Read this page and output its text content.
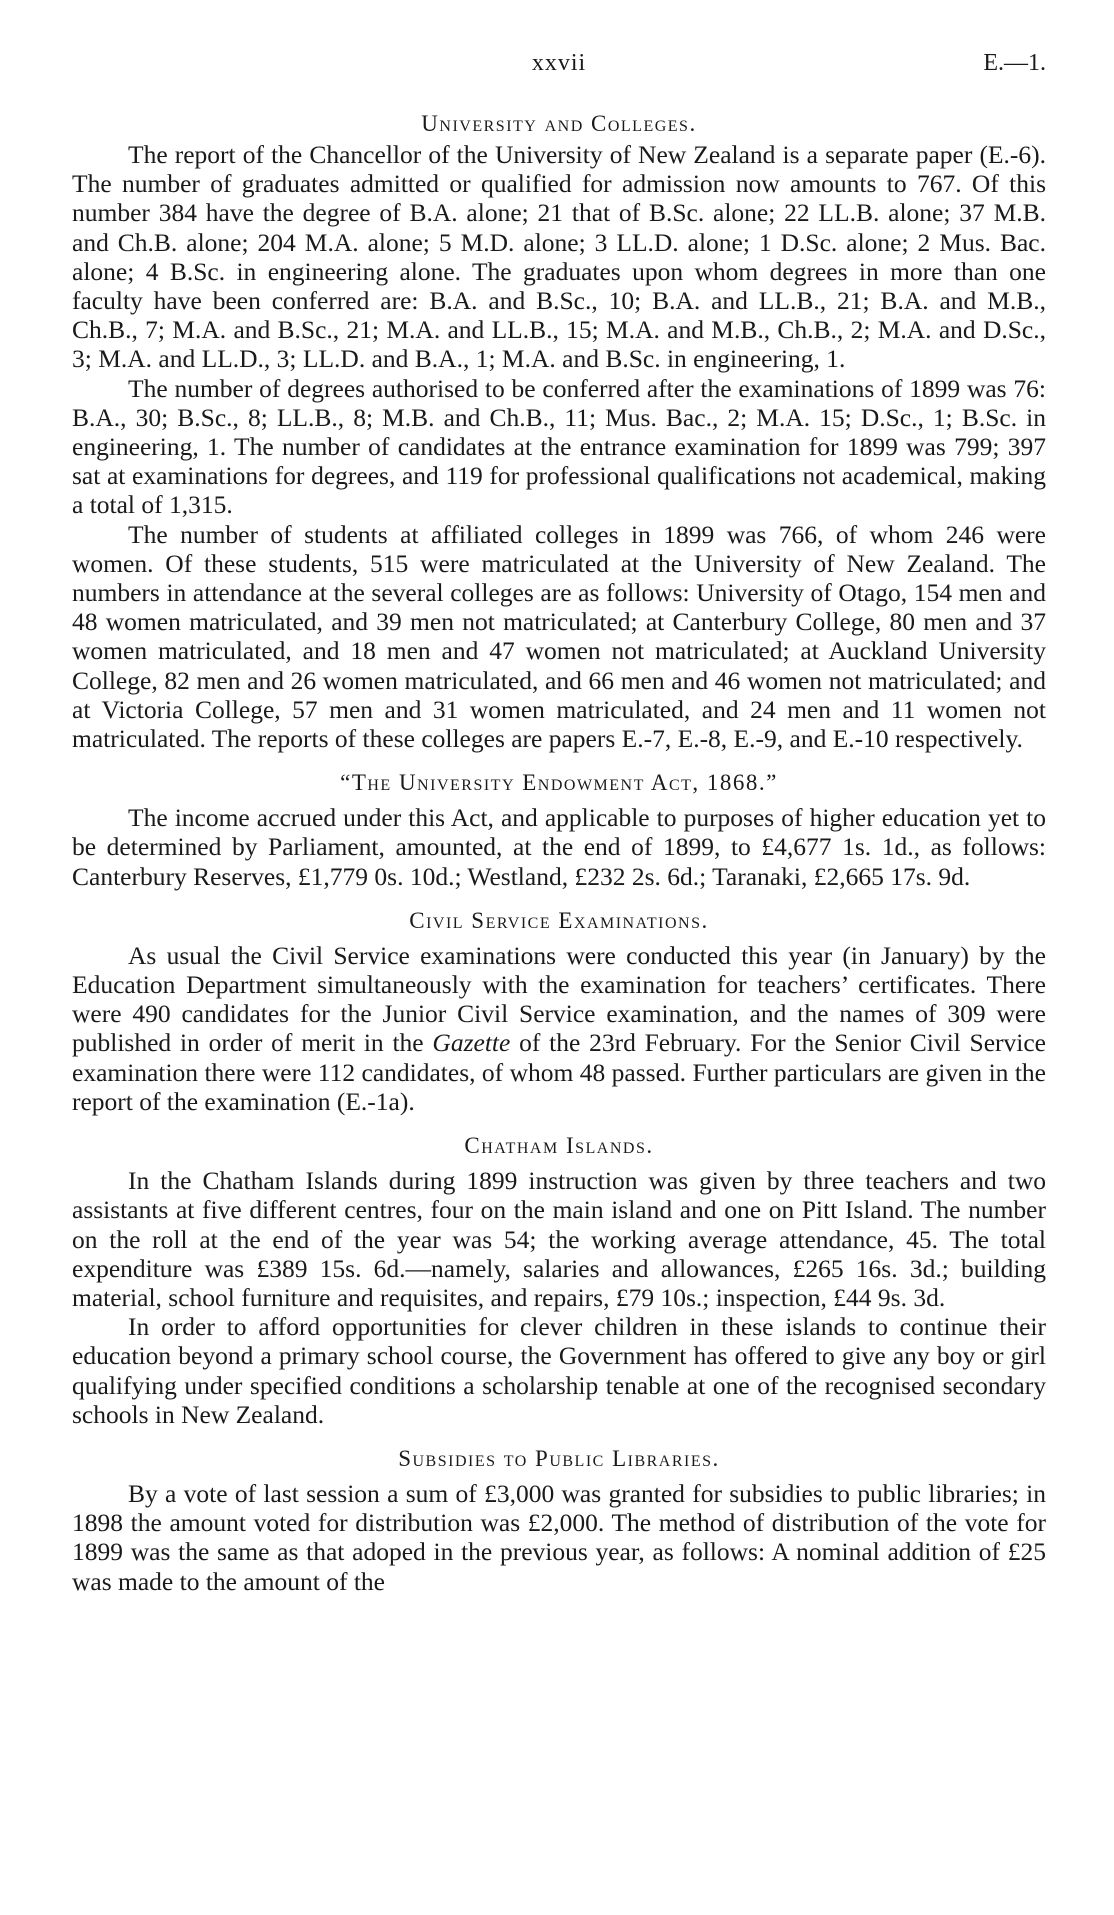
xxvii	E.—1.
University and Colleges.

The report of the Chancellor of the University of New Zealand is a separate paper (E.-6). The number of graduates admitted or qualified for admission now amounts to 767. Of this number 384 have the degree of B.A. alone; 21 that of B.Sc. alone; 22 LL.B. alone; 37 M.B. and Ch.B. alone; 204 M.A. alone; 5 M.D. alone; 3 LL.D. alone; 1 D.Sc. alone; 2 Mus. Bac. alone; 4 B.Sc. in engineering alone. The graduates upon whom degrees in more than one faculty have been conferred are: B.A. and B.Sc., 10; B.A. and LL.B., 21; B.A. and M.B., Ch.B., 7; M.A. and B.Sc., 21; M.A. and LL.B., 15; M.A. and M.B., Ch.B., 2; M.A. and D.Sc., 3; M.A. and LL.D., 3; LL.D. and B.A., 1; M.A. and B.Sc. in engineering, 1.

The number of degrees authorised to be conferred after the examinations of 1899 was 76: B.A., 30; B.Sc., 8; LL.B., 8; M.B. and Ch.B., 11; Mus. Bac., 2; M.A. 15; D.Sc., 1; B.Sc. in engineering, 1. The number of candidates at the entrance examination for 1899 was 799; 397 sat at examinations for degrees, and 119 for professional qualifications not academical, making a total of 1,315.

The number of students at affiliated colleges in 1899 was 766, of whom 246 were women. Of these students, 515 were matriculated at the University of New Zealand. The numbers in attendance at the several colleges are as follows: University of Otago, 154 men and 48 women matriculated, and 39 men not matriculated; at Canterbury College, 80 men and 37 women matriculated, and 18 men and 47 women not matriculated; at Auckland University College, 82 men and 26 women matriculated, and 66 men and 46 women not matriculated; and at Victoria College, 57 men and 31 women matriculated, and 24 men and 11 women not matriculated. The reports of these colleges are papers E.-7, E.-8, E.-9, and E.-10 respectively.

“The University Endowment Act, 1868.”

The income accrued under this Act, and applicable to purposes of higher education yet to be determined by Parliament, amounted, at the end of 1899, to £4,677 1s. 1d., as follows: Canterbury Reserves, £1,779 0s. 10d.; Westland, £232 2s. 6d.; Taranaki, £2,665 17s. 9d.

Civil Service Examinations.

As usual the Civil Service examinations were conducted this year (in January) by the Education Department simultaneously with the examination for teachers’ certificates. There were 490 candidates for the Junior Civil Service examination, and the names of 309 were published in order of merit in the Gazette of the 23rd February. For the Senior Civil Service examination there were 112 candidates, of whom 48 passed. Further particulars are given in the report of the examination (E.-1a).

Chatham Islands.

In the Chatham Islands during 1899 instruction was given by three teachers and two assistants at five different centres, four on the main island and one on Pitt Island. The number on the roll at the end of the year was 54; the working average attendance, 45. The total expenditure was £389 15s. 6d.—namely, salaries and allowances, £265 16s. 3d.; building material, school furniture and requisites, and repairs, £79 10s.; inspection, £44 9s. 3d.

In order to afford opportunities for clever children in these islands to continue their education beyond a primary school course, the Government has offered to give any boy or girl qualifying under specified conditions a scholarship tenable at one of the recognised secondary schools in New Zealand.

Subsidies to Public Libraries.

By a vote of last session a sum of £3,000 was granted for subsidies to public libraries; in 1898 the amount voted for distribution was £2,000. The method of distribution of the vote for 1899 was the same as that adoped in the previous year, as follows: A nominal addition of £25 was made to the amount of the
